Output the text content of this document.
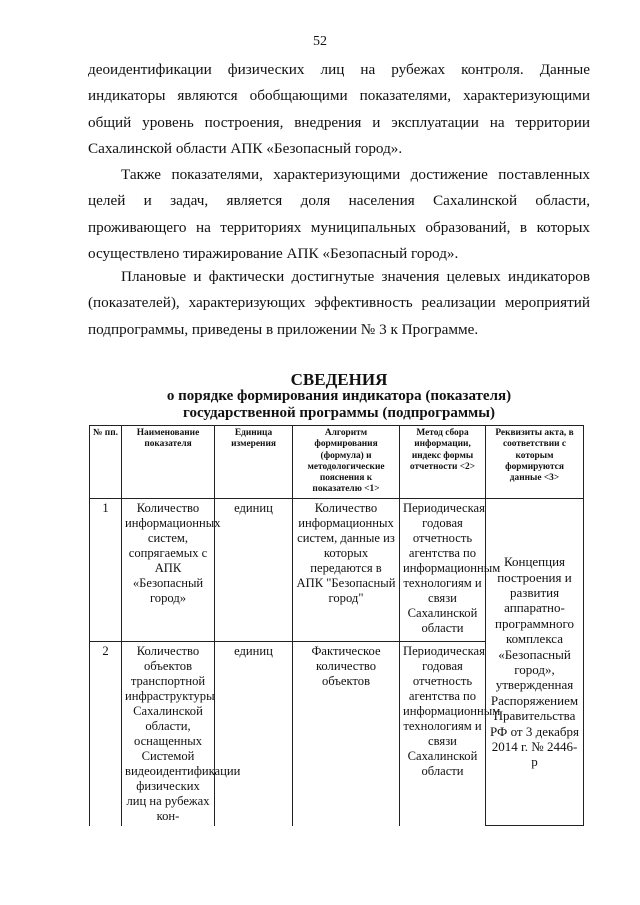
52
деоидентификации физических лиц на рубежах контроля. Данные индикаторы являются обобщающими показателями, характеризующими общий уровень построения, внедрения и эксплуатации на территории Сахалинской области АПК «Безопасный город».
Также показателями, характеризующими достижение поставленных целей и задач, является доля населения Сахалинской области, проживающего на территориях муниципальных образований, в которых осуществлено тиражирование АПК «Безопасный город».
Плановые и фактически достигнутые значения целевых индикаторов (показателей), характеризующих эффективность реализации мероприятий подпрограммы, приведены в приложении № 3 к Программе.
СВЕДЕНИЯ
о порядке формирования индикатора (показателя)
государственной программы (подпрограммы)
№ пп.	Наименование показателя	Единица измерения	Алгоритм формирования (формула) и методологические пояснения к показателю <1>	Метод сбора информации, индекс формы отчетности <2>	Реквизиты акта, в соответствии с которым формируются данные <3>
1	Количество информационных систем, сопрягаемых с АПК «Безопасный город»	единиц	Количество информационных систем, данные из которых передаются в АПК "Безопасный город"	Периодическая годовая отчетность агентства по информационным технологиям и связи Сахалинской области	Концепция построения и развития аппаратно-программного комплекса «Безопасный город», утвержденная Распоряжением Правительства РФ от 3 декабря 2014 г. № 2446-р
2	Количество объектов транспортной инфраструктуры Сахалинской области, оснащенных Системой видеоидентификации физических лиц на рубежах кон-	единиц	Фактическое количество объектов	Периодическая годовая отчетность агентства по информационным технологиям и связи Сахалинской области	
